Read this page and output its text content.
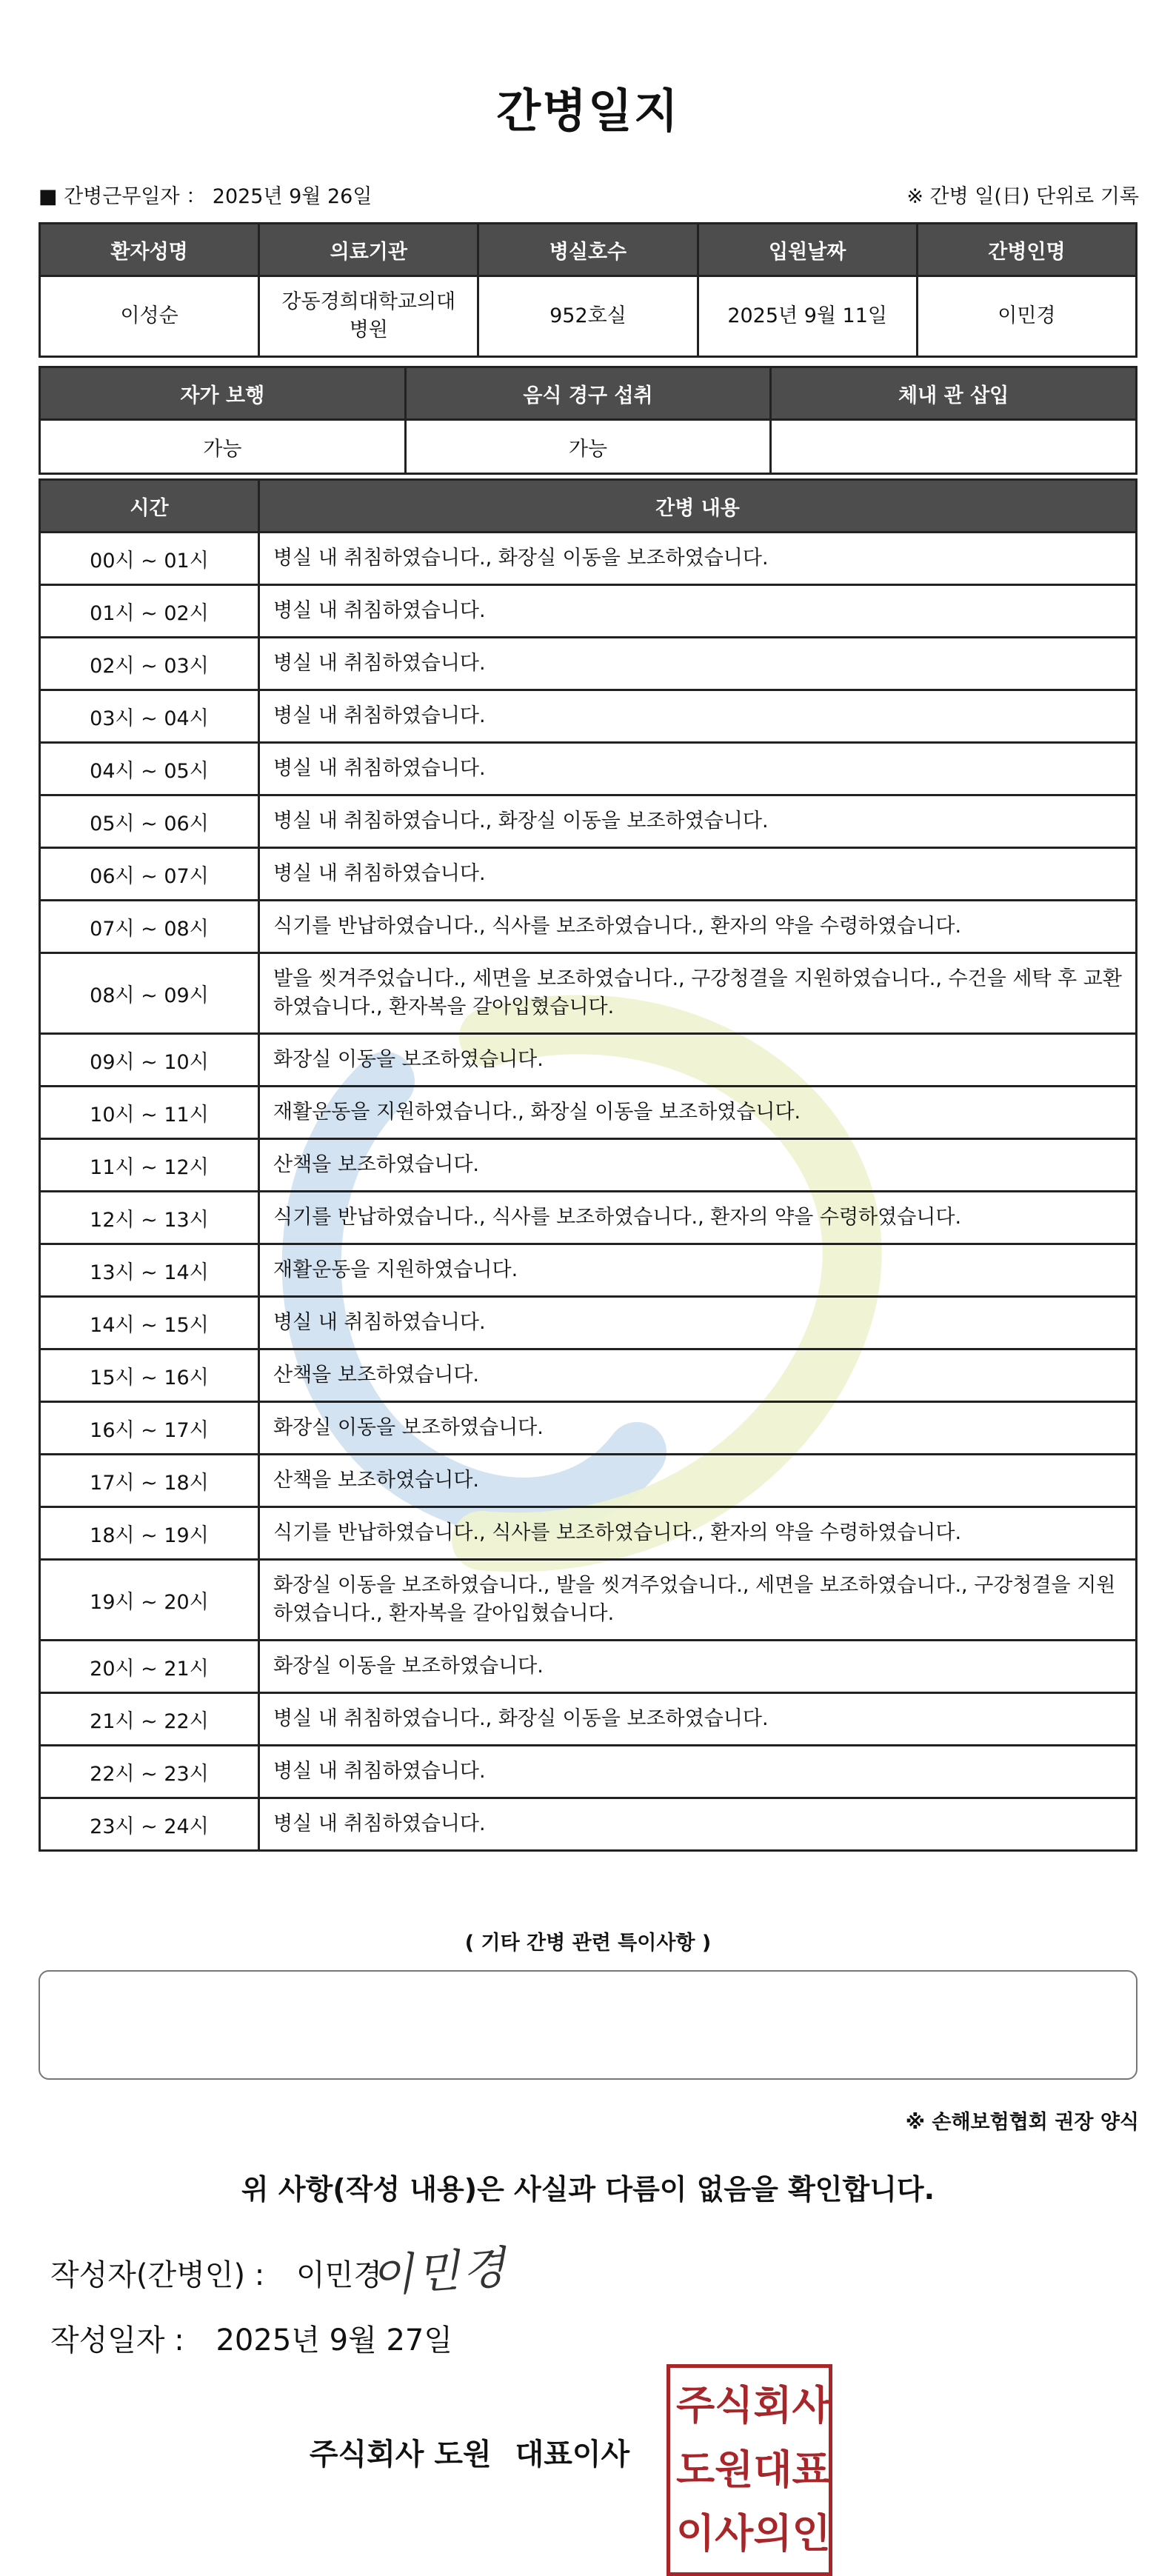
간병일지
■ 간병근무일자 ： 2025년 9월 26일	※ 간병 일(日) 단위로 기록
환자성명	의료기관	병실호수	입원날짜	간병인명
이성순	강동경희대학교의대병원	952호실	2025년 9월 11일	이민경
자가 보행	음식 경구 섭취	체내 관 삽입
가능	가능	
시간	간병 내용
00시 ~ 01시	병실 내 취침하였습니다., 화장실 이동을 보조하였습니다.
01시 ~ 02시	병실 내 취침하였습니다.
02시 ~ 03시	병실 내 취침하였습니다.
03시 ~ 04시	병실 내 취침하였습니다.
04시 ~ 05시	병실 내 취침하였습니다.
05시 ~ 06시	병실 내 취침하였습니다., 화장실 이동을 보조하였습니다.
06시 ~ 07시	병실 내 취침하였습니다.
07시 ~ 08시	식기를 반납하였습니다., 식사를 보조하였습니다., 환자의 약을 수령하였습니다.
08시 ~ 09시	발을 씻겨주었습니다., 세면을 보조하였습니다., 구강청결을 지원하였습니다., 수건을 세탁 후 교환하였습니다., 환자복을 갈아입혔습니다.
09시 ~ 10시	화장실 이동을 보조하였습니다.
10시 ~ 11시	재활운동을 지원하였습니다., 화장실 이동을 보조하였습니다.
11시 ~ 12시	산책을 보조하였습니다.
12시 ~ 13시	식기를 반납하였습니다., 식사를 보조하였습니다., 환자의 약을 수령하였습니다.
13시 ~ 14시	재활운동을 지원하였습니다.
14시 ~ 15시	병실 내 취침하였습니다.
15시 ~ 16시	산책을 보조하였습니다.
16시 ~ 17시	화장실 이동을 보조하였습니다.
17시 ~ 18시	산책을 보조하였습니다.
18시 ~ 19시	식기를 반납하였습니다., 식사를 보조하였습니다., 환자의 약을 수령하였습니다.
19시 ~ 20시	화장실 이동을 보조하였습니다., 발을 씻겨주었습니다., 세면을 보조하였습니다., 구강청결을 지원하였습니다., 환자복을 갈아입혔습니다.
20시 ~ 21시	화장실 이동을 보조하였습니다.
21시 ~ 22시	병실 내 취침하였습니다., 화장실 이동을 보조하였습니다.
22시 ~ 23시	병실 내 취침하였습니다.
23시 ~ 24시	병실 내 취침하였습니다.
( 기타 간병 관련 특이사항 )
※ 손해보험협회 권장 양식
위 사항(작성 내용)은 사실과 다름이 없음을 확인합니다.
작성자(간병인) : 이민경
이민경
작성일자 : 2025년 9월 27일
주식회사 도원 대표이사
주 식 회 사
도 원 대 표
이 사 의 인
